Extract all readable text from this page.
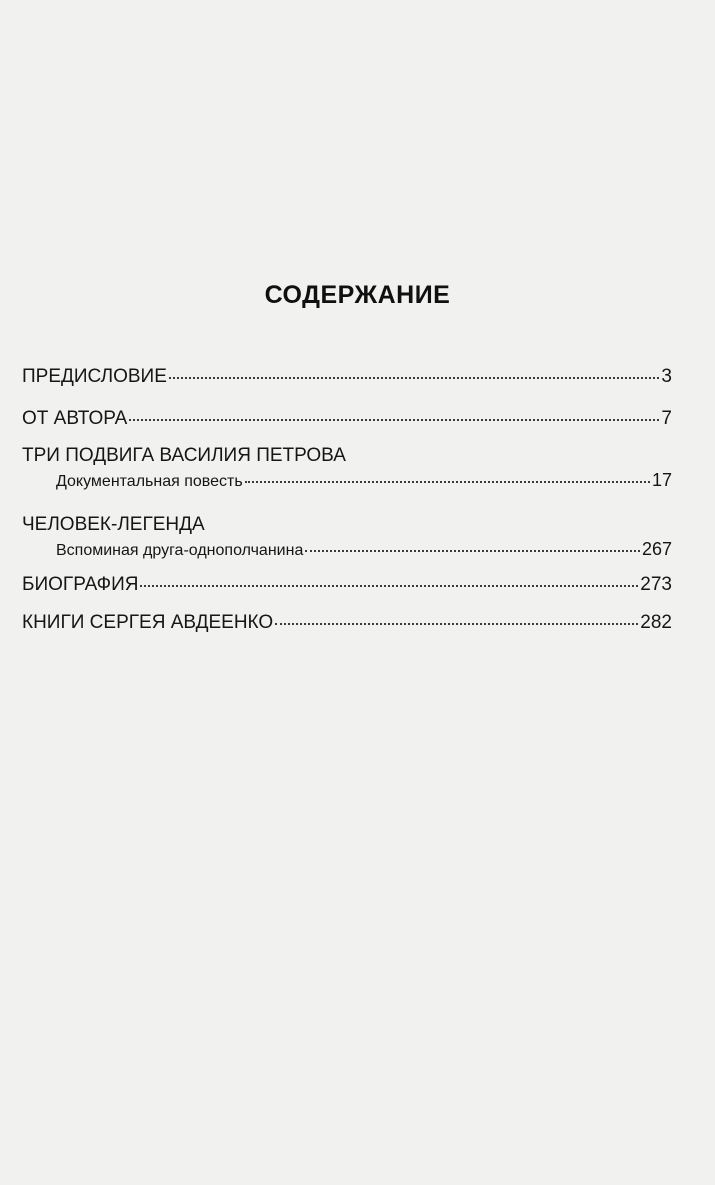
СОДЕРЖАНИЕ
ПРЕДИСЛОВИЕ	3
ОТ АВТОРА	7
ТРИ ПОДВИГА ВАСИЛИЯ ПЕТРОВА
Документальная повесть	17
ЧЕЛОВЕК-ЛЕГЕНДА
Вспоминая друга-однополчанина	267
БИОГРАФИЯ	273
КНИГИ СЕРГЕЯ АВДЕЕНКО	282
